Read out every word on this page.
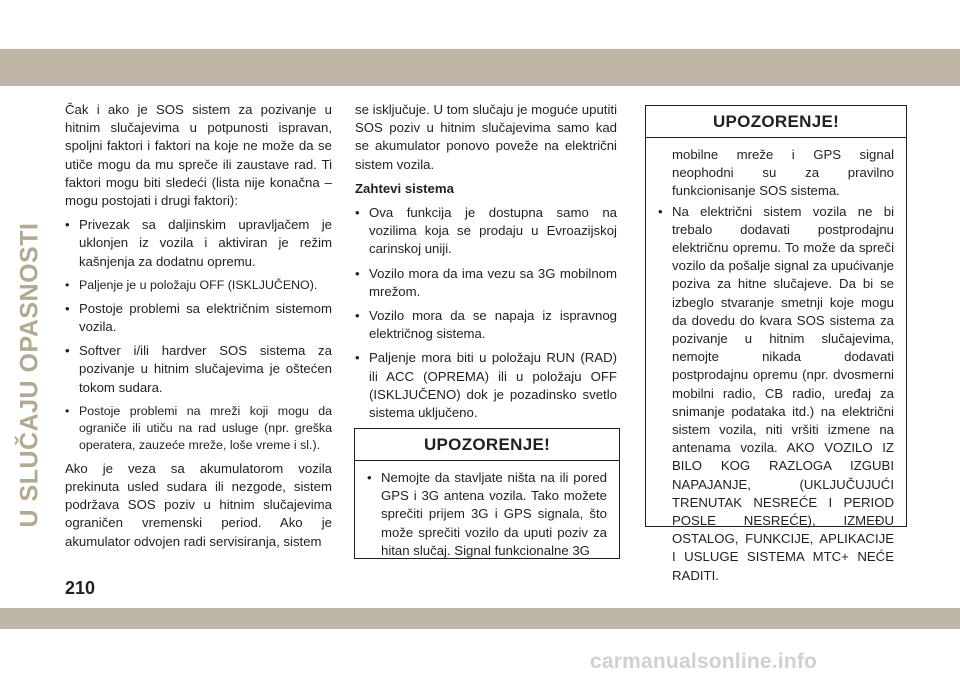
U SLUČAJU OPASNOSTI

Čak i ako je SOS sistem za pozivanje u hitnim slučajevima u potpunosti ispravan, spoljni faktori i faktori na koje ne može da se utiče mogu da mu spreče ili zaustave rad. Ti faktori mogu biti sledeći (lista nije konačna – mogu postojati i drugi faktori):

• Privezak sa daljinskim upravljačem je uklonjen iz vozila i aktiviran je režim kašnjenja za dodatnu opremu.
• Paljenje je u položaju OFF (ISKLJUČENO).
• Postoje problemi sa električnim sistemom vozila.
• Softver i/ili hardver SOS sistema za pozivanje u hitnim slučajevima je oštećen tokom sudara.
• Postoje problemi na mreži koji mogu da ograniče ili utiču na rad usluge (npr. greška operatera, zauzeće mreže, loše vreme i sl.).

Ako je veza sa akumulatorom vozila prekinuta usled sudara ili nezgode, sistem podržava SOS poziv u hitnim slučajevima ograničen vremenski period. Ako je akumulator odvojen radi servisiranja, sistem

se isključuje. U tom slučaju je moguće uputiti SOS poziv u hitnim slučajevima samo kad se akumulator ponovo poveže na električni sistem vozila.

Zahtevi sistema

• Ova funkcija je dostupna samo na vozilima koja se prodaju u Evroazijskoj carinskoj uniji.
• Vozilo mora da ima vezu sa 3G mobilnom mrežom.
• Vozilo mora da se napaja iz ispravnog električnog sistema.
• Paljenje mora biti u položaju RUN (RAD) ili ACC (OPREMA) ili u položaju OFF (ISKLJUČENO) dok je pozadinsko svetlo sistema uključeno.
UPOZORENJE!
• Nemojte da stavljate ništa na ili pored GPS i 3G antena vozila. Tako možete sprečiti prijem 3G i GPS signala, što može sprečiti vozilo da uputi poziv za hitan slučaj. Signal funkcionalne 3G
UPOZORENJE!
mobilne mreže i GPS signal neophodni su za pravilno funkcionisanje SOS sistema.
• Na električni sistem vozila ne bi trebalo dodavati postprodajnu električnu opremu. To može da spreči vozilo da pošalje signal za upućivanje poziva za hitne slučajeve. Da bi se izbeglo stvaranje smetnji koje mogu da dovedu do kvara SOS sistema za pozivanje u hitnim slučajevima, nemojte nikada dodavati postprodajnu opremu (npr. dvosmerni mobilni radio, CB radio, uređaj za snimanje podataka itd.) na električni sistem vozila, niti vršiti izmene na antenama vozila. AKO VOZILO IZ BILO KOG RAZLOGA IZGUBI NAPAJANJE, (UKLJUČUJUĆI TRENUTAK NESREĆE I PERIOD POSLE NESREĆE), IZMEĐU OSTALOG, FUNKCIJE, APLIKACIJE I USLUGE SISTEMA MTC+ NEĆE RADITI.
210
carmanualsonline.info
